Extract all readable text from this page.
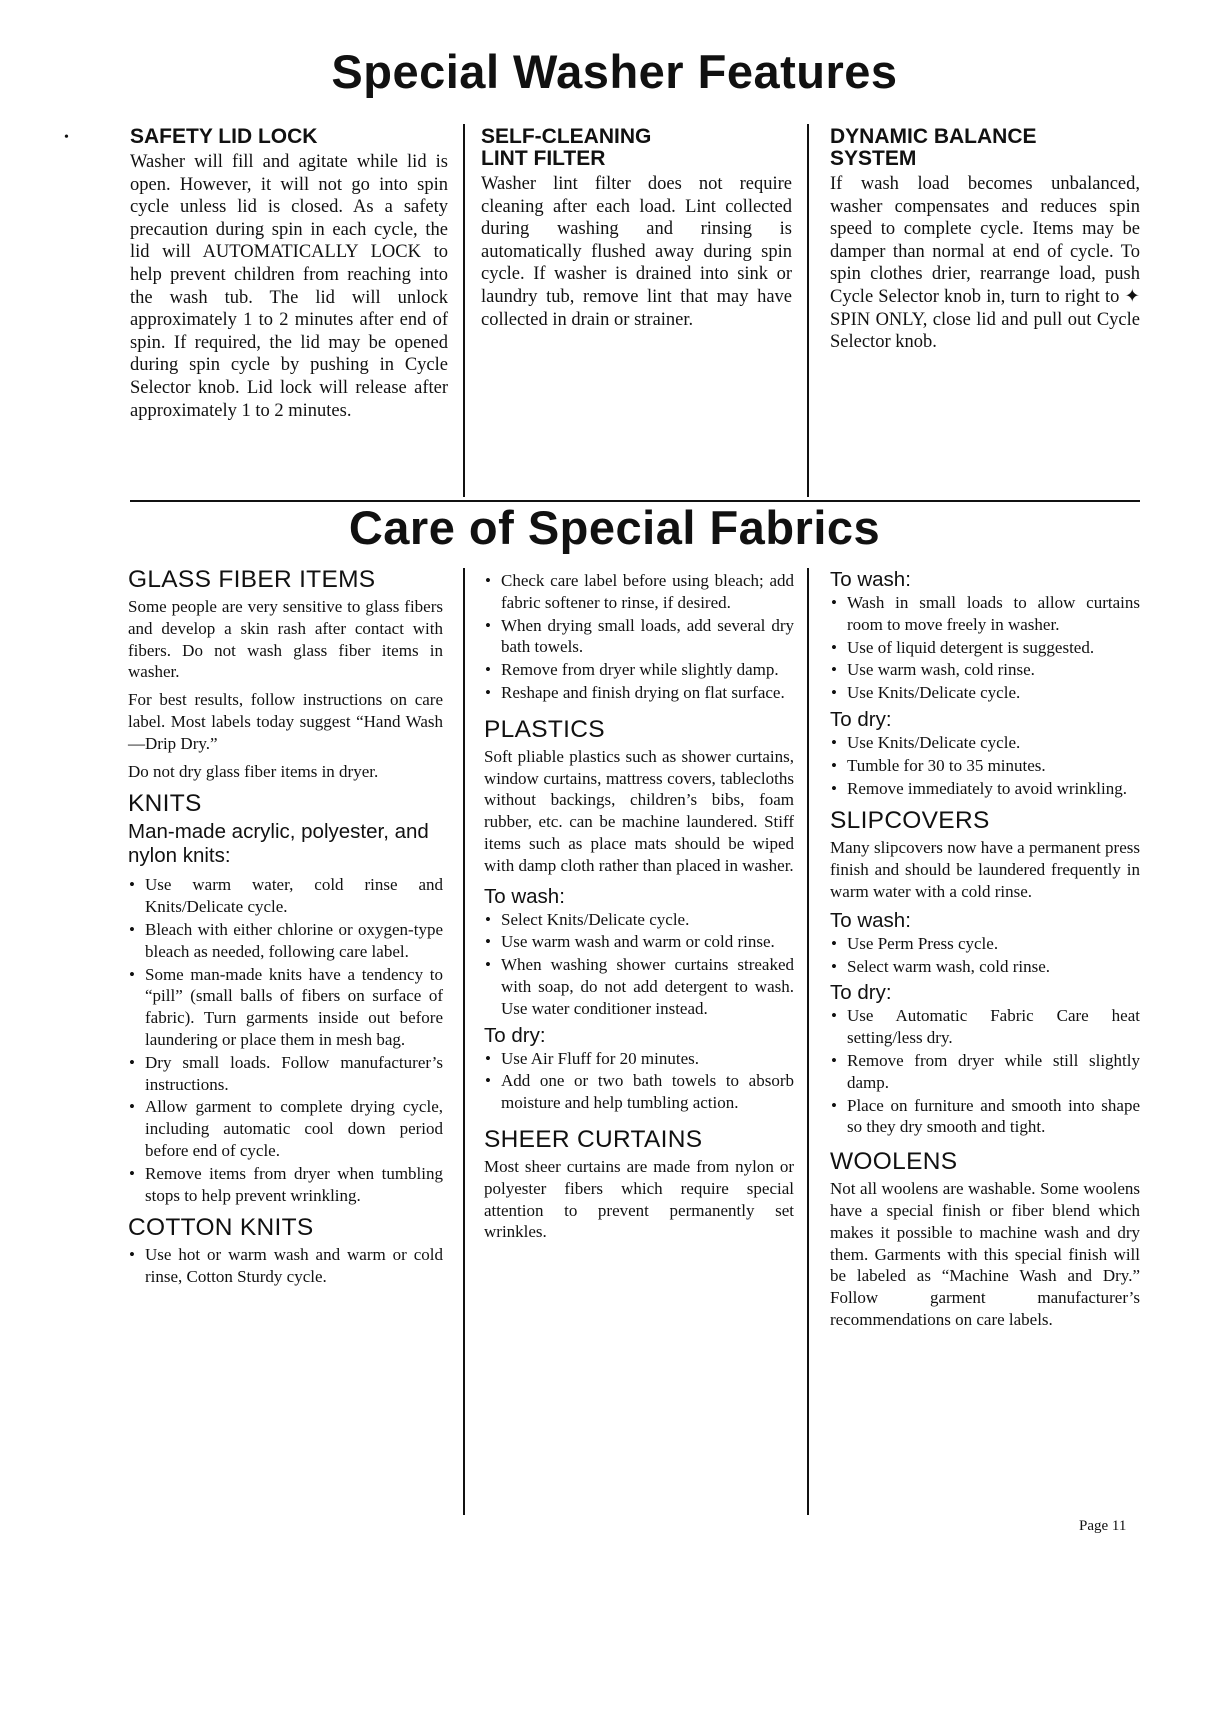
Special Washer Features
•	SAFETY LID LOCK

Washer will fill and agitate while lid is open. However, it will not go into spin cycle unless lid is closed. As a safety precaution during spin in each cycle, the lid will AUTOMATICALLY LOCK to help prevent children from reaching into the wash tub. The lid will unlock approximately 1 to 2 minutes after end of spin. If required, the lid may be opened during spin cycle by pushing in Cycle Selector knob. Lid lock will release after approximately 1 to 2 minutes.

SELF-CLEANING LINT FILTER

Washer lint filter does not require cleaning after each load. Lint collected during washing and rinsing is automatically flushed away during spin cycle. If washer is drained into sink or laundry tub, remove lint that may have collected in drain or strainer.

DYNAMIC BALANCE SYSTEM

If wash load becomes unbalanced, washer compensates and reduces spin speed to complete cycle. Items may be damper than normal at end of cycle. To spin clothes drier, rearrange load, push Cycle Selector knob in, turn to right to ✦ SPIN ONLY, close lid and pull out Cycle Selector knob.

Care of Special Fabrics
GLASS FIBER ITEMS

Some people are very sensitive to glass fibers and develop a skin rash after contact with fibers. Do not wash glass fiber items in washer.

For best results, follow instructions on care label. Most labels today suggest “Hand Wash—Drip Dry.”

Do not dry glass fiber items in dryer.

KNITS
Man-made acrylic, polyester, and nylon knits:
• Use warm water, cold rinse and Knits/Delicate cycle.
• Bleach with either chlorine or oxygen-type bleach as needed, following care label.
• Some man-made knits have a tendency to “pill” (small balls of fibers on surface of fabric). Turn garments inside out before laundering or place them in mesh bag.
• Dry small loads. Follow manufacturer’s instructions.
• Allow garment to complete drying cycle, including automatic cool down period before end of cycle.
• Remove items from dryer when tumbling stops to help prevent wrinkling.
COTTON KNITS
• Use hot or warm wash and warm or cold rinse, Cotton Sturdy cycle.
• Check care label before using bleach; add fabric softener to rinse, if desired.
• When drying small loads, add several dry bath towels.
• Remove from dryer while slightly damp.
• Reshape and finish drying on flat surface.
PLASTICS

Soft pliable plastics such as shower curtains, window curtains, mattress covers, tablecloths without backings, children’s bibs, foam rubber, etc. can be machine laundered. Stiff items such as place mats should be wiped with damp cloth rather than placed in washer.

To wash:
• Select Knits/Delicate cycle.
• Use warm wash and warm or cold rinse.
• When washing shower curtains streaked with soap, do not add detergent to wash. Use water conditioner instead.
To dry:
• Use Air Fluff for 20 minutes.
• Add one or two bath towels to absorb moisture and help tumbling action.
SHEER CURTAINS

Most sheer curtains are made from nylon or polyester fibers which require special attention to prevent permanently set wrinkles.

To wash:
• Wash in small loads to allow curtains room to move freely in washer.
• Use of liquid detergent is suggested.
• Use warm wash, cold rinse.
• Use Knits/Delicate cycle.
To dry:
• Use Knits/Delicate cycle.
• Tumble for 30 to 35 minutes.
• Remove immediately to avoid wrinkling.
SLIPCOVERS

Many slipcovers now have a permanent press finish and should be laundered frequently in warm water with a cold rinse.

To wash:
• Use Perm Press cycle.
• Select warm wash, cold rinse.
To dry:
• Use Automatic Fabric Care heat setting/less dry.
• Remove from dryer while still slightly damp.
• Place on furniture and smooth into shape so they dry smooth and tight.
WOOLENS

Not all woolens are washable. Some woolens have a special finish or fiber blend which makes it possible to machine wash and dry them. Garments with this special finish will be labeled as “Machine Wash and Dry.” Follow garment manufacturer’s recommendations on care labels.

Page 11
